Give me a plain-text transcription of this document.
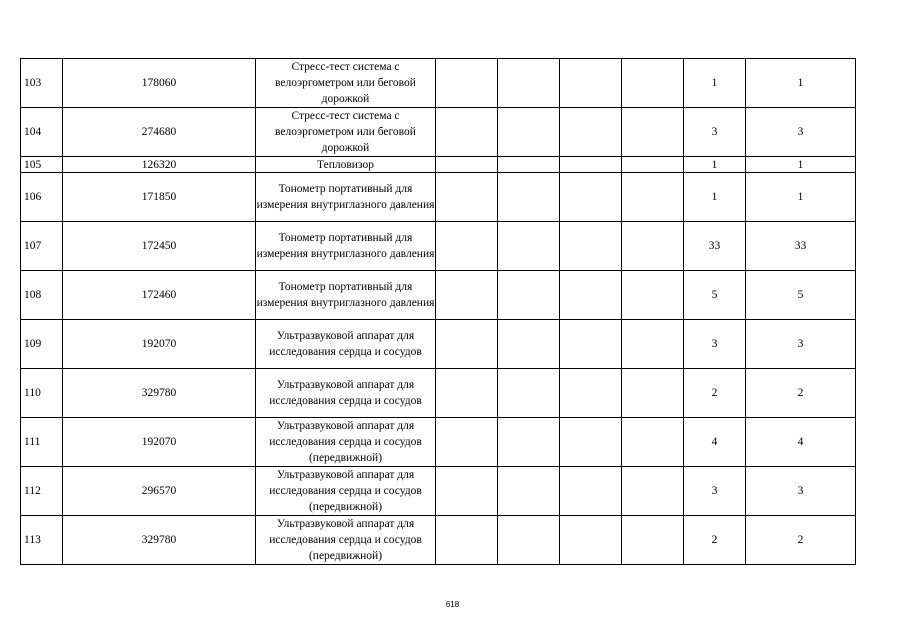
103	178060	Стресс-тест система с велоэргометром или беговой дорожкой					1	1
104	274680	Стресс-тест система с велоэргометром или беговой дорожкой					3	3
105	126320	Тепловизор					1	1
106	171850	Тонометр портативный для измерения внутриглазного давления					1	1
107	172450	Тонометр портативный для измерения внутриглазного давления					33	33
108	172460	Тонометр портативный для измерения внутриглазного давления					5	5
109	192070	Ультразвуковой аппарат для исследования сердца и сосудов					3	3
110	329780	Ультразвуковой аппарат для исследования сердца и сосудов					2	2
111	192070	Ультразвуковой аппарат для исследования сердца и сосудов (передвижной)					4	4
112	296570	Ультразвуковой аппарат для исследования сердца и сосудов (передвижной)					3	3
113	329780	Ультразвуковой аппарат для исследования сердца и сосудов (передвижной)					2	2
618
